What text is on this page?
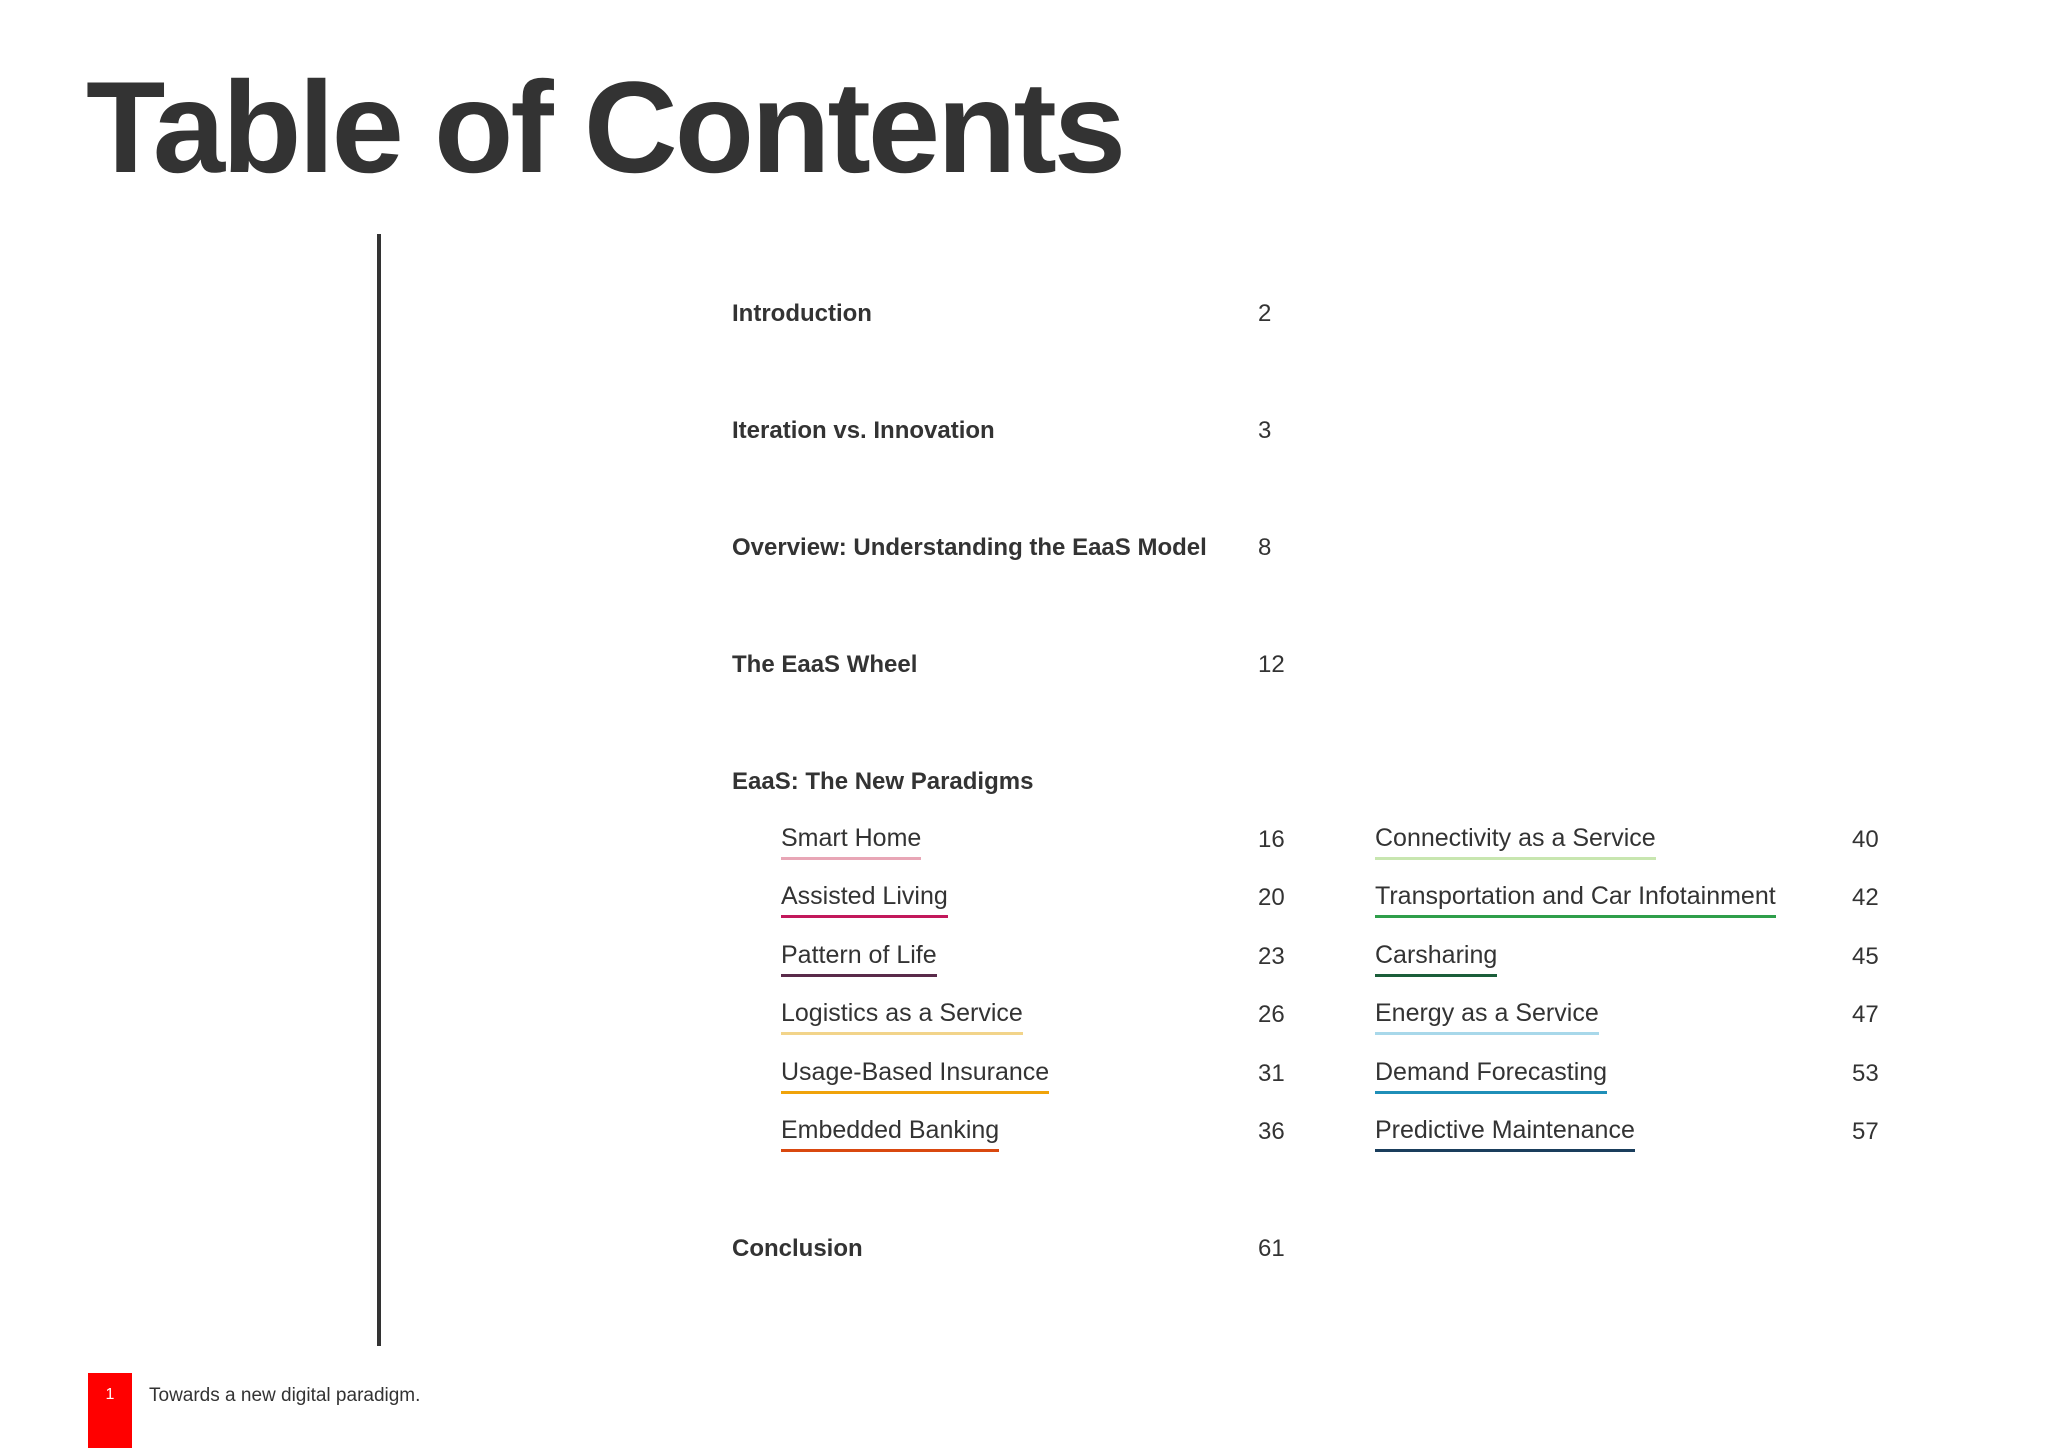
Table of Contents
Introduction	2
Iteration vs. Innovation	3
Overview: Understanding the EaaS Model 8
The EaaS Wheel	12
EaaS: The New Paradigms
Smart Home	16
Assisted Living	20
Pattern of Life	23
Logistics as a Service	26
Usage-Based Insurance	31
Embedded Banking	36
Connectivity as a Service	40
Transportation and Car Infotainment	42
Carsharing	45
Energy as a Service	47
Demand Forecasting	53
Predictive Maintenance	57
Conclusion	61
1	Towards a new digital paradigm.
